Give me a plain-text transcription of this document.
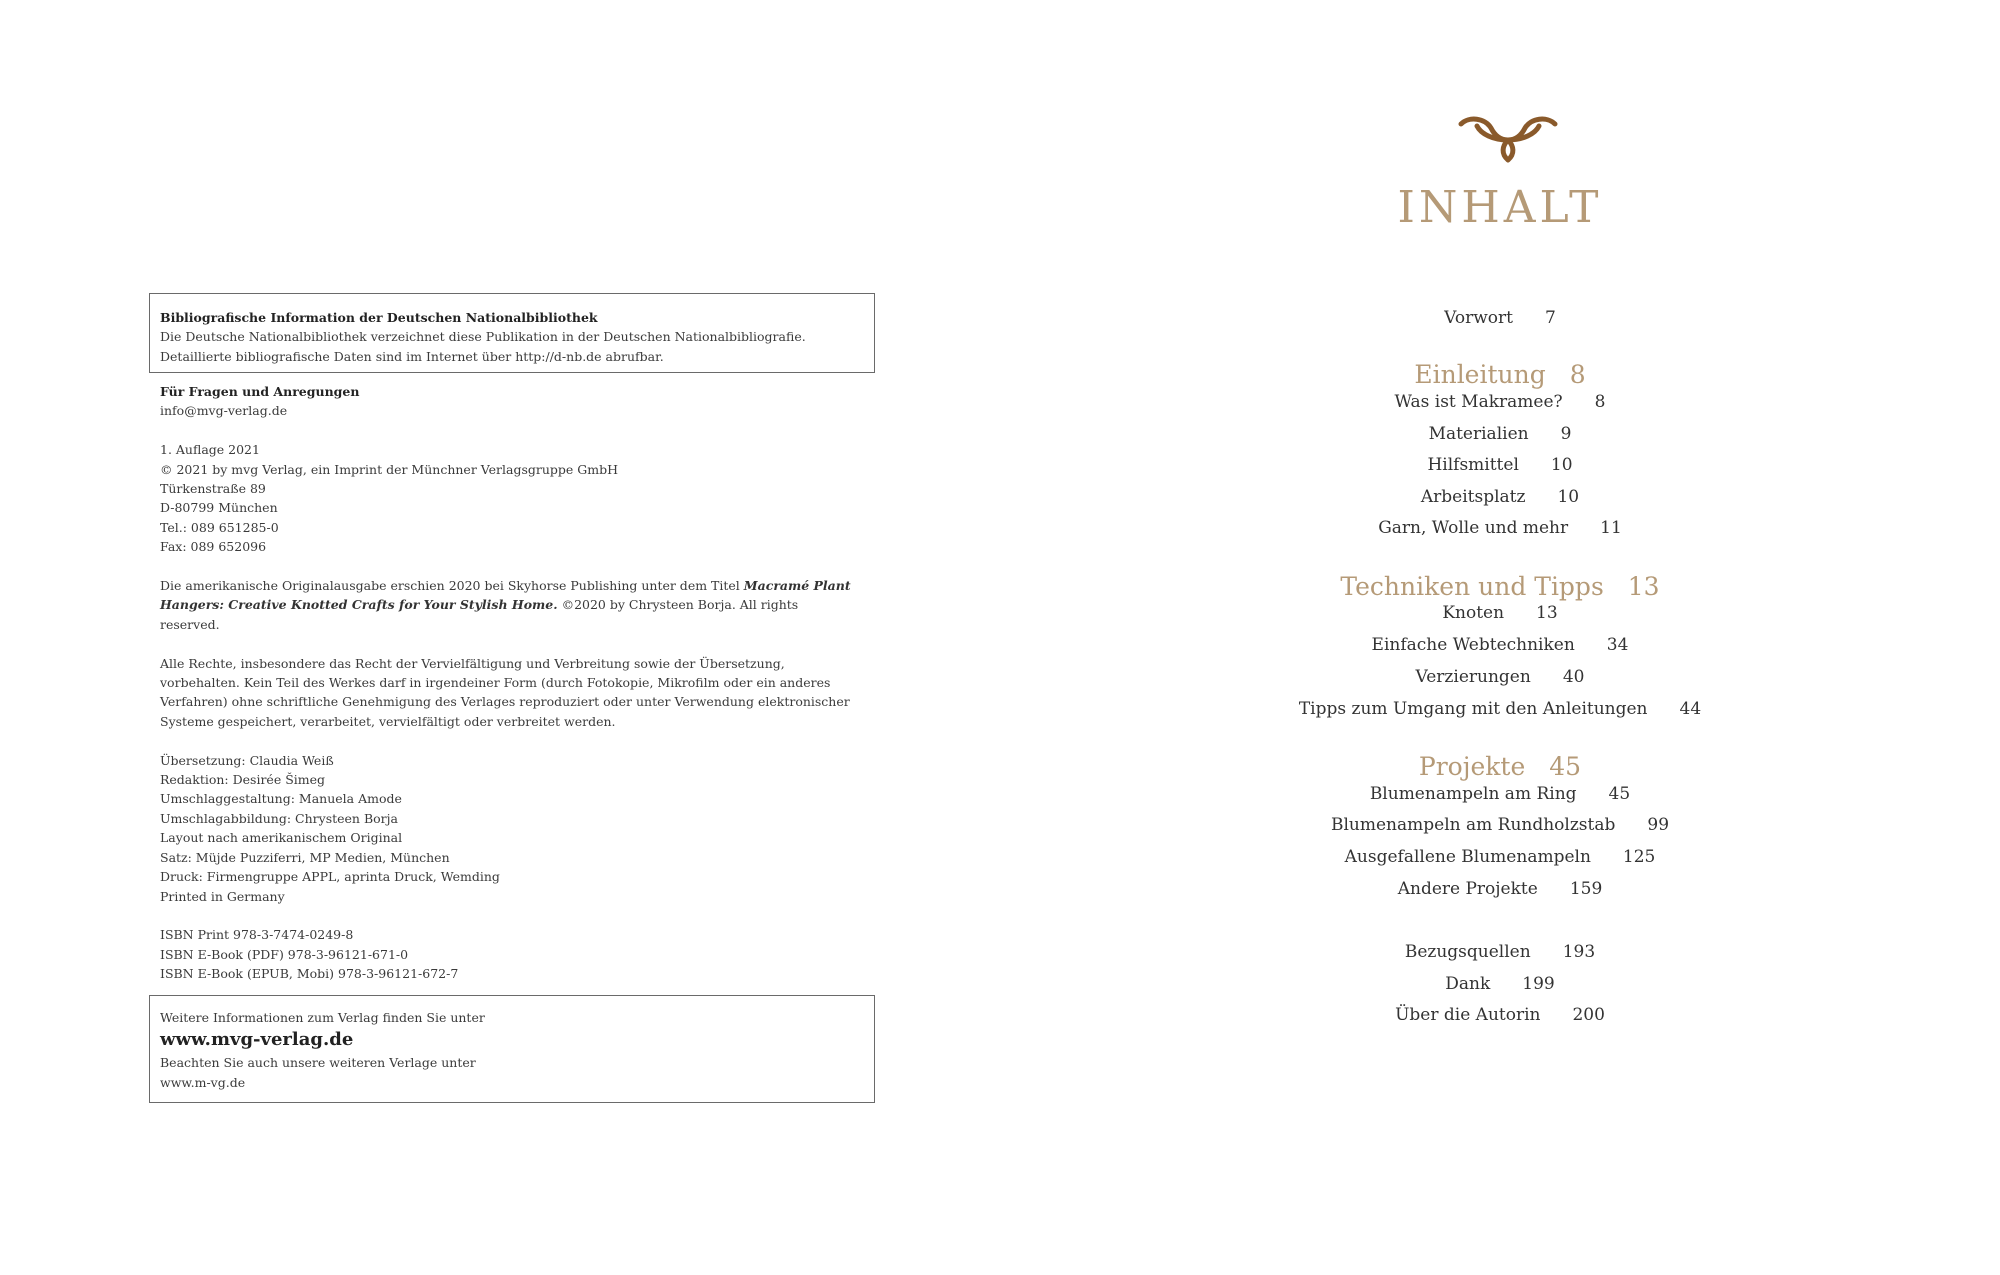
Bibliografische Information der Deutschen Nationalbibliothek
Die Deutsche Nationalbibliothek verzeichnet diese Publikation in der Deutschen Nationalbibliografie.
Detaillierte bibliografische Daten sind im Internet über http://d-nb.de abrufbar.
Für Fragen und Anregungen
info@mvg-verlag.de
1. Auflage 2021
© 2021 by mvg Verlag, ein Imprint der Münchner Verlagsgruppe GmbH
Türkenstraße 89
D-80799 München
Tel.: 089 651285-0
Fax: 089 652096
Die amerikanische Originalausgabe erschien 2020 bei Skyhorse Publishing unter dem Titel Macramé Plant Hangers: Creative Knotted Crafts for Your Stylish Home. ©2020 by Chrysteen Borja. All rights reserved.
Alle Rechte, insbesondere das Recht der Vervielfältigung und Verbreitung sowie der Übersetzung, vorbehalten. Kein Teil des Werkes darf in irgendeiner Form (durch Fotokopie, Mikrofilm oder ein anderes Verfahren) ohne schriftliche Genehmigung des Verlages reproduziert oder unter Verwendung elektronischer Systeme gespeichert, verarbeitet, vervielfältigt oder verbreitet werden.
Übersetzung: Claudia Weiß
Redaktion: Desirée Šimeg
Umschlaggestaltung: Manuela Amode
Umschlagabbildung: Chrysteen Borja
Layout nach amerikanischem Original
Satz: Müjde Puzziferri, MP Medien, München
Druck: Firmengruppe APPL, aprinta Druck, Wemding
Printed in Germany
ISBN Print 978-3-7474-0249-8
ISBN E-Book (PDF) 978-3-96121-671-0
ISBN E-Book (EPUB, Mobi) 978-3-96121-672-7
Weitere Informationen zum Verlag finden Sie unter
www.mvg-verlag.de
Beachten Sie auch unsere weiteren Verlage unter
www.m-vg.de
INHALT
Vorwort 7
Einleitung 8
Was ist Makramee? 8
Materialien 9
Hilfsmittel 10
Arbeitsplatz 10
Garn, Wolle und mehr 11
Techniken und Tipps 13
Knoten 13
Einfache Webtechniken 34
Verzierungen 40
Tipps zum Umgang mit den Anleitungen 44
Projekte 45
Blumenampeln am Ring 45
Blumenampeln am Rundholzstab 99
Ausgefallene Blumenampeln 125
Andere Projekte 159
Bezugsquellen 193
Dank 199
Über die Autorin 200
